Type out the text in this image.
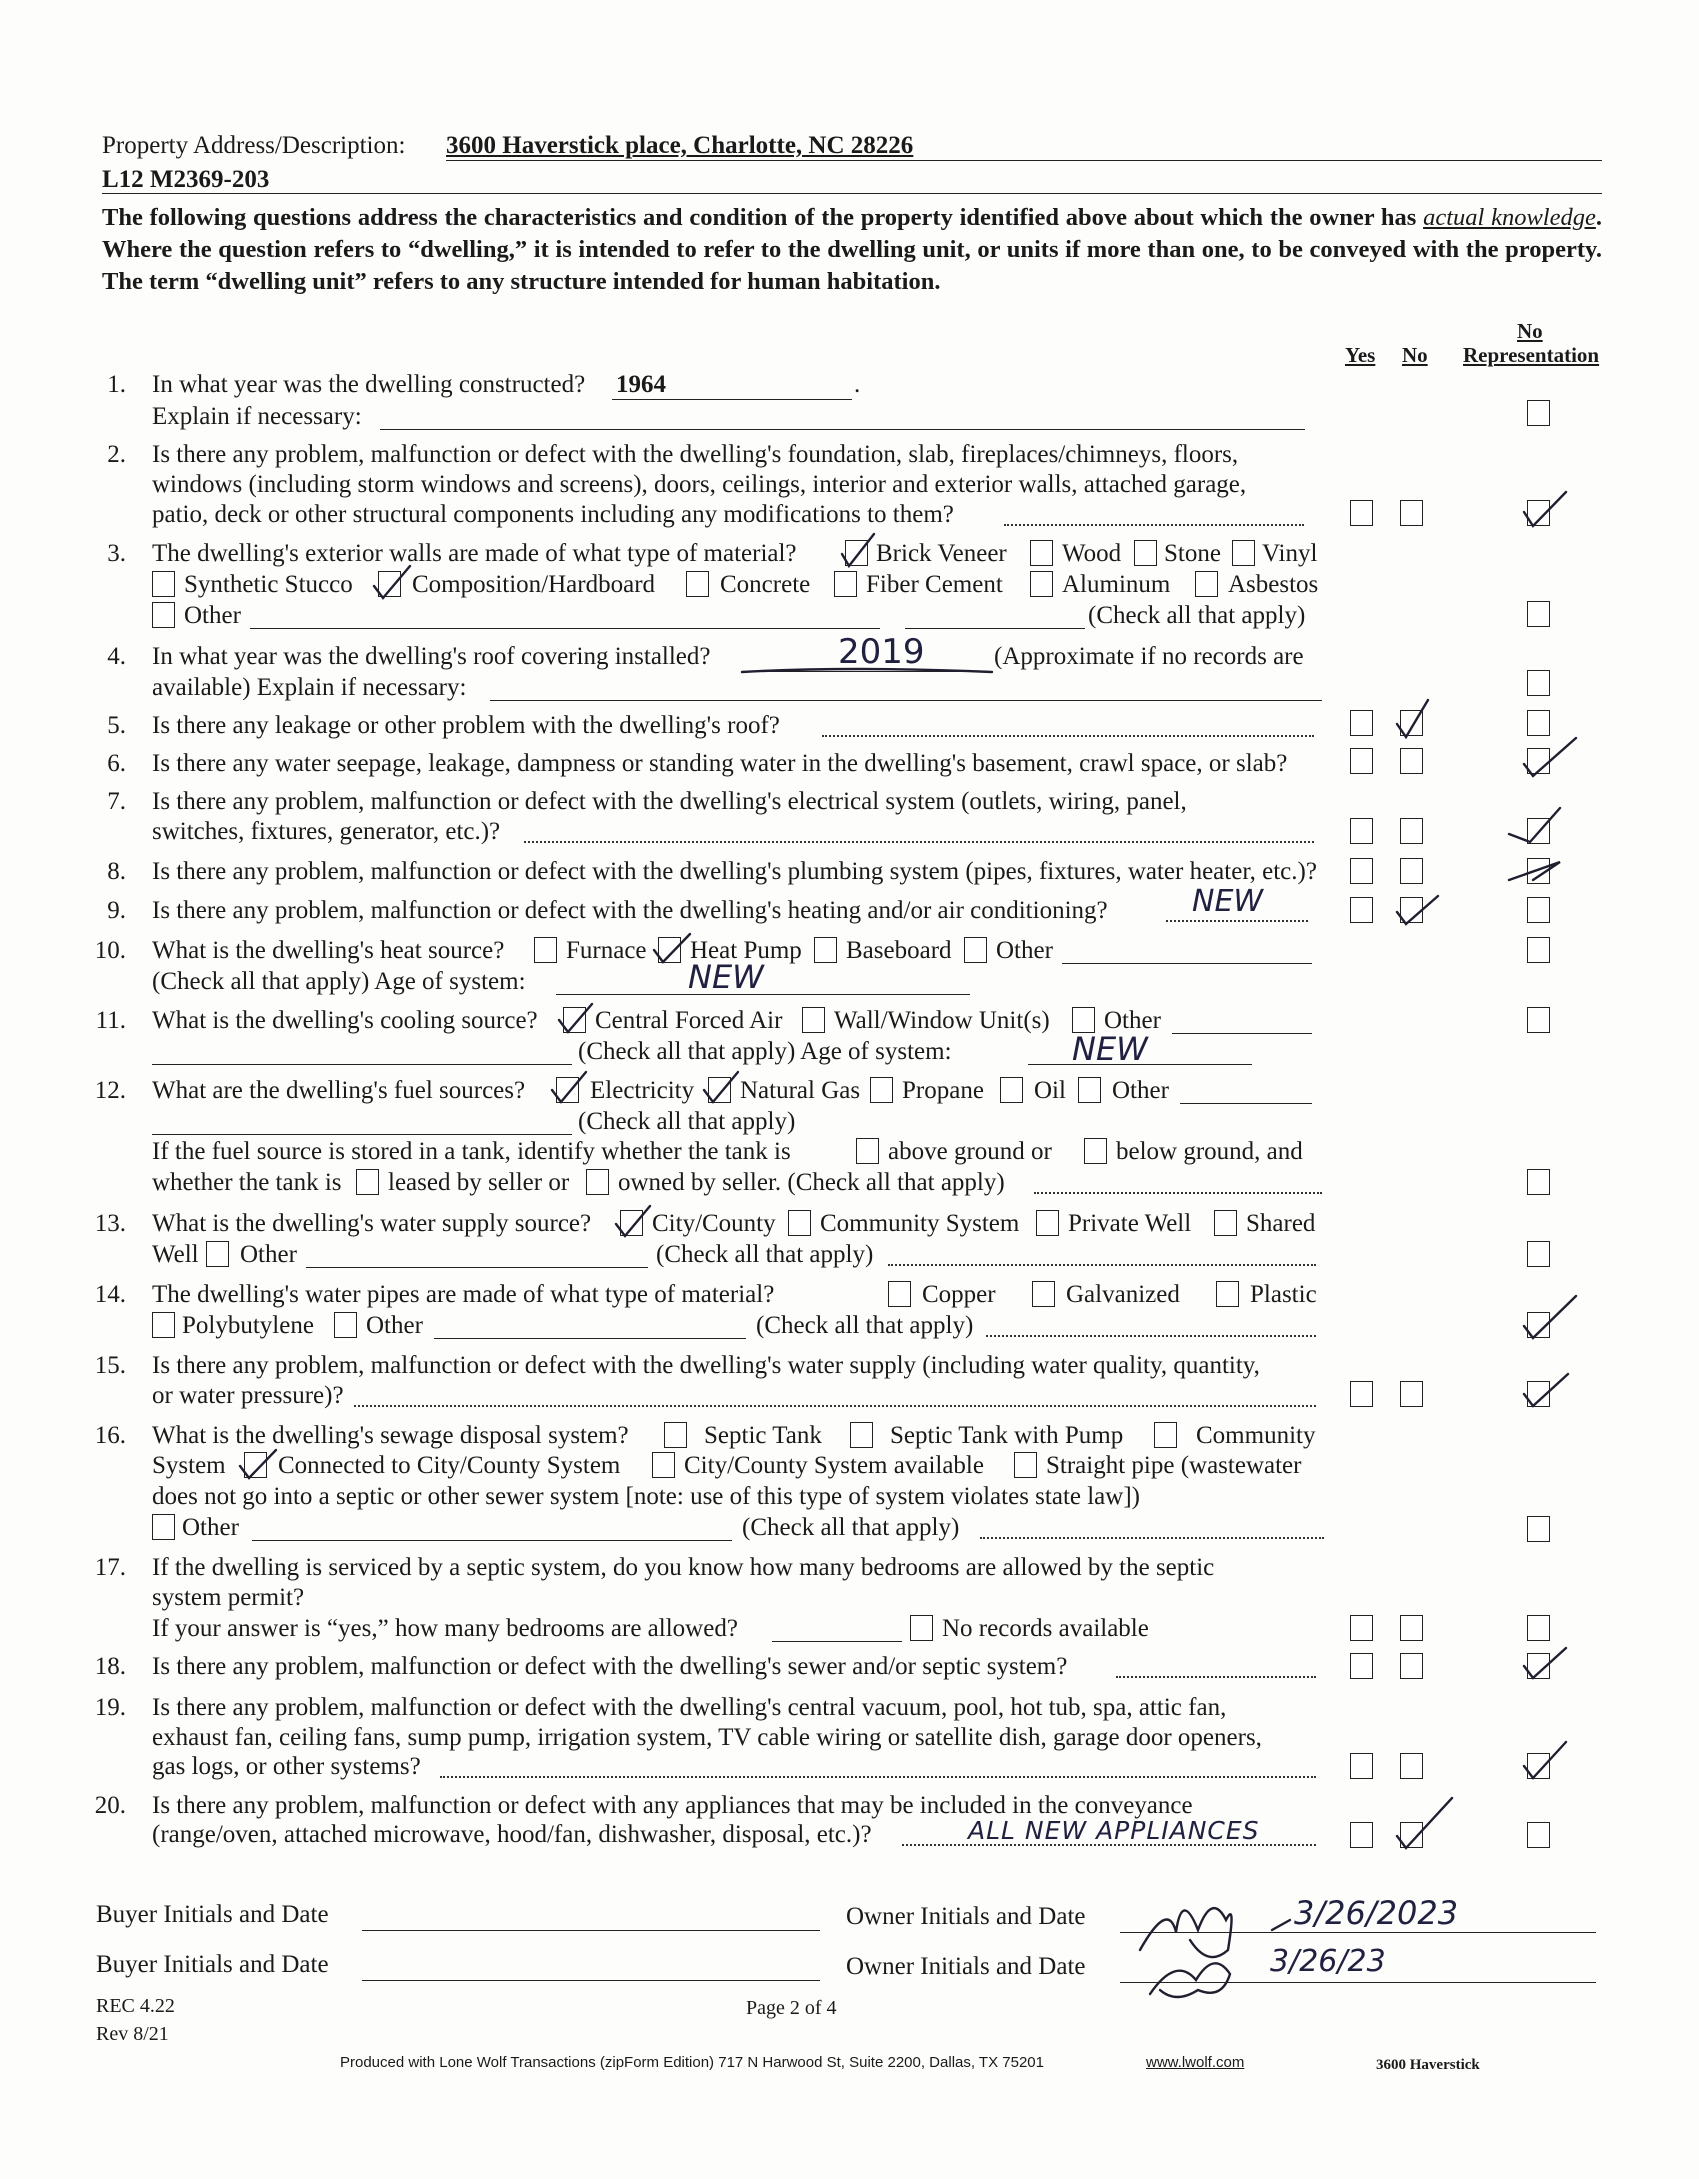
Property Address/Description: 3600 Haverstick place, Charlotte, NC 28226
L12 M2369-203
The following questions address the characteristics and condition of the property identified above about which the owner has actual knowledge. Where the question refers to “dwelling,” it is intended to refer to the dwelling unit, or units if more than one, to be conveyed with the property. The term “dwelling unit” refers to any structure intended for human habitation.
Yes No
No
Representation
1. In what year was the dwelling constructed? 1964	.
Explain if necessary:
2. Is there any problem, malfunction or defect with the dwelling's foundation, slab, fireplaces/chimneys, floors,
windows (including storm windows and screens), doors, ceilings, interior and exterior walls, attached garage,
patio, deck or other structural components including any modifications to them?
3. The dwelling's exterior walls are made of what type of material?	Brick Veneer Wood Stone Vinyl
Synthetic Stucco Composition/Hardboard	Concrete Fiber Cement Aluminum Asbestos
Other	(Check all that apply)
4. In what year was the dwelling's roof covering installed?	2019	(Approximate if no records are
available) Explain if necessary:
5. Is there any leakage or other problem with the dwelling's roof?
6. Is there any water seepage, leakage, dampness or standing water in the dwelling's basement, crawl space, or slab?
7. Is there any problem, malfunction or defect with the dwelling's electrical system (outlets, wiring, panel,
switches, fixtures, generator, etc.)?
8. Is there any problem, malfunction or defect with the dwelling's plumbing system (pipes, fixtures, water heater, etc.)?
9. Is there any problem, malfunction or defect with the dwelling's heating and/or air conditioning?	NEW
10. What is the dwelling's heat source? Furnace Heat Pump Baseboard Other
(Check all that apply) Age of system:	NEW
11. What is the dwelling's cooling source? Central Forced Air Wall/Window Unit(s) Other
(Check all that apply) Age of system:	NEW
12. What are the dwelling's fuel sources?	Electricity Natural Gas Propane Oil Other
(Check all that apply)
If the fuel source is stored in a tank, identify whether the tank is	above ground or	below ground, and
whether the tank is leased by seller or owned by seller. (Check all that apply)
13. What is the dwelling's water supply source? City/County Community System Private Well Shared
Well Other	(Check all that apply)
14. The dwelling's water pipes are made of what type of material?	Copper	Galvanized	Plastic
Polybutylene Other	(Check all that apply)
15. Is there any problem, malfunction or defect with the dwelling's water supply (including water quality, quantity,
or water pressure)?
16. What is the dwelling's sewage disposal system?	Septic Tank	Septic Tank with Pump	Community
System Connected to City/County System	City/County System available Straight pipe (wastewater
does not go into a septic or other sewer system [note: use of this type of system violates state law])
Other	(Check all that apply)
17. If the dwelling is serviced by a septic system, do you know how many bedrooms are allowed by the septic
system permit?
If your answer is “yes,” how many bedrooms are allowed?	No records available
18. Is there any problem, malfunction or defect with the dwelling's sewer and/or septic system?
19. Is there any problem, malfunction or defect with the dwelling's central vacuum, pool, hot tub, spa, attic fan,
exhaust fan, ceiling fans, sump pump, irrigation system, TV cable wiring or satellite dish, garage door openers,
gas logs, or other systems?
20. Is there any problem, malfunction or defect with any appliances that may be included in the conveyance
(range/oven, attached microwave, hood/fan, dishwasher, disposal, etc.)?	ALL NEW APPLIANCES
Buyer Initials and Date	Owner Initials and Date
MS
3/26/2023
Buyer Initials and Date	Owner Initials and Date
SS 3/26/23
REC 4.22
Rev 8/21
Page 2 of 4
Produced with Lone Wolf Transactions (zipForm Edition) 717 N Harwood St, Suite 2200, Dallas, TX 75201	www.lwolf.com	3600 Haverstick
